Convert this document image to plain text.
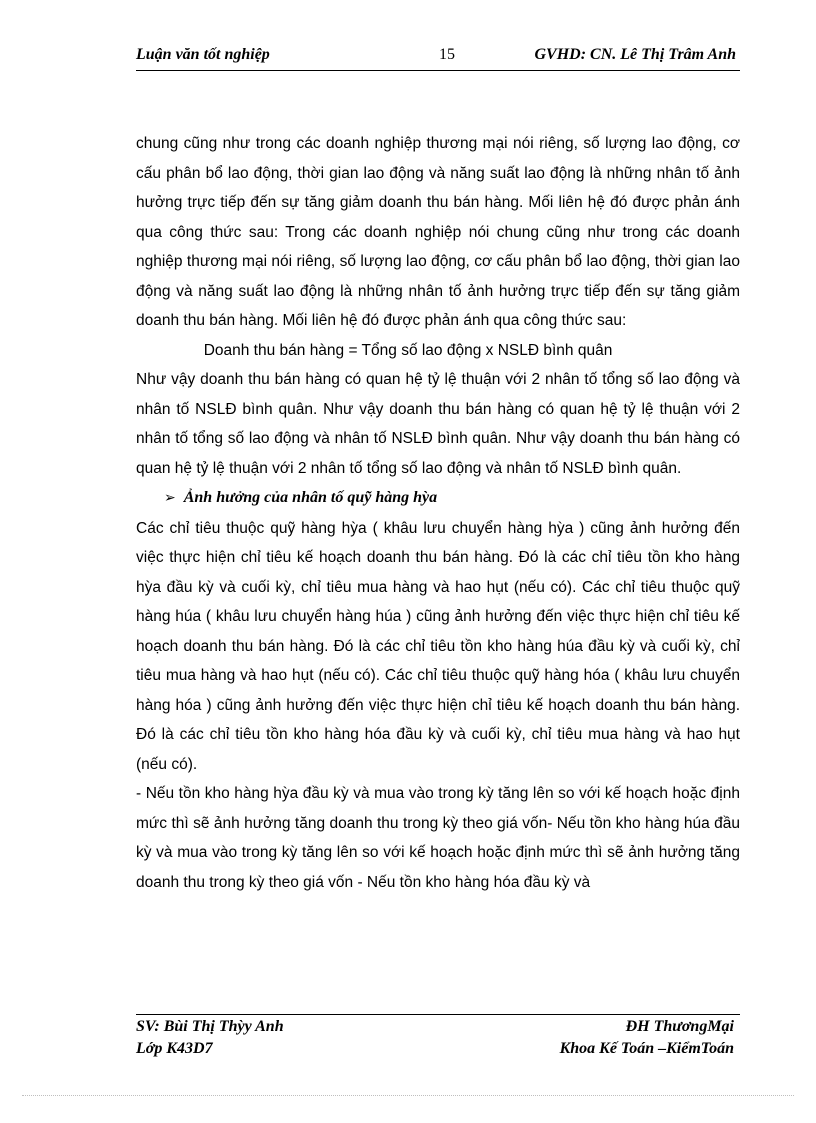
Luận văn tốt nghiệp	15	GVHD: CN. Lê Thị Trâm Anh

chung cũng như trong các doanh nghiệp thương mại nói riêng, số lượng lao động, cơ cấu phân bổ lao động, thời gian lao động và năng suất lao động là những nhân tố ảnh hưởng trực tiếp đến sự tăng giảm doanh thu bán hàng. Mối liên hệ đó được phản ánh qua công thức sau: Trong các doanh nghiệp nói chung cũng như trong các doanh nghiệp thương mại nói riêng, số lượng lao động, cơ cấu phân bổ lao động, thời gian lao động và năng suất lao động là những nhân tố ảnh hưởng trực tiếp đến sự tăng giảm doanh thu bán hàng. Mối liên hệ đó được phản ánh qua công thức sau:

Doanh thu bán hàng = Tổng số lao động x NSLĐ bình quân

Như vậy doanh thu bán hàng có quan hệ tỷ lệ thuận với 2 nhân tố tổng số lao động và nhân tố NSLĐ bình quân. Như vậy doanh thu bán hàng có quan hệ tỷ lệ thuận với 2 nhân tố tổng số lao động và nhân tố NSLĐ bình quân. Như vậy doanh thu bán hàng có quan hệ tỷ lệ thuận với 2 nhân tố tổng số lao động và nhân tố NSLĐ bình quân.

➢ Ảnh hưởng của nhân tố quỹ hàng hỳa

Các chỉ tiêu thuộc quỹ hàng hỳa ( khâu lưu chuyển hàng hỳa ) cũng ảnh hưởng đến việc thực hiện chỉ tiêu kế hoạch doanh thu bán hàng. Đó là các chỉ tiêu tồn kho hàng hỳa đầu kỳ và cuối kỳ, chỉ tiêu mua hàng và hao hụt (nếu có). Các chỉ tiêu thuộc quỹ hàng húa ( khâu lưu chuyển hàng húa ) cũng ảnh hưởng đến việc thực hiện chỉ tiêu kế hoạch doanh thu bán hàng. Đó là các chỉ tiêu tồn kho hàng húa đầu kỳ và cuối kỳ, chỉ tiêu mua hàng và hao hụt (nếu có). Các chỉ tiêu thuộc quỹ hàng hóa ( khâu lưu chuyển hàng hóa ) cũng ảnh hưởng đến việc thực hiện chỉ tiêu kế hoạch doanh thu bán hàng. Đó là các chỉ tiêu tồn kho hàng hóa đầu kỳ và cuối kỳ, chỉ tiêu mua hàng và hao hụt (nếu có).

- Nếu tồn kho hàng hỳa đầu kỳ và mua vào trong kỳ tăng lên so với kế hoạch hoặc định mức thì sẽ ảnh hưởng tăng doanh thu trong kỳ theo giá vốn- Nếu tồn kho hàng húa đầu kỳ và mua vào trong kỳ tăng lên so với kế hoạch hoặc định mức thì sẽ ảnh hưởng tăng doanh thu trong kỳ theo giá vốn - Nếu tồn kho hàng hóa đầu kỳ và

SV: Bùi Thị Thỳy Anh	ĐH ThươngMại
Lớp K43D7	Khoa Kế Toán –KiểmToán
